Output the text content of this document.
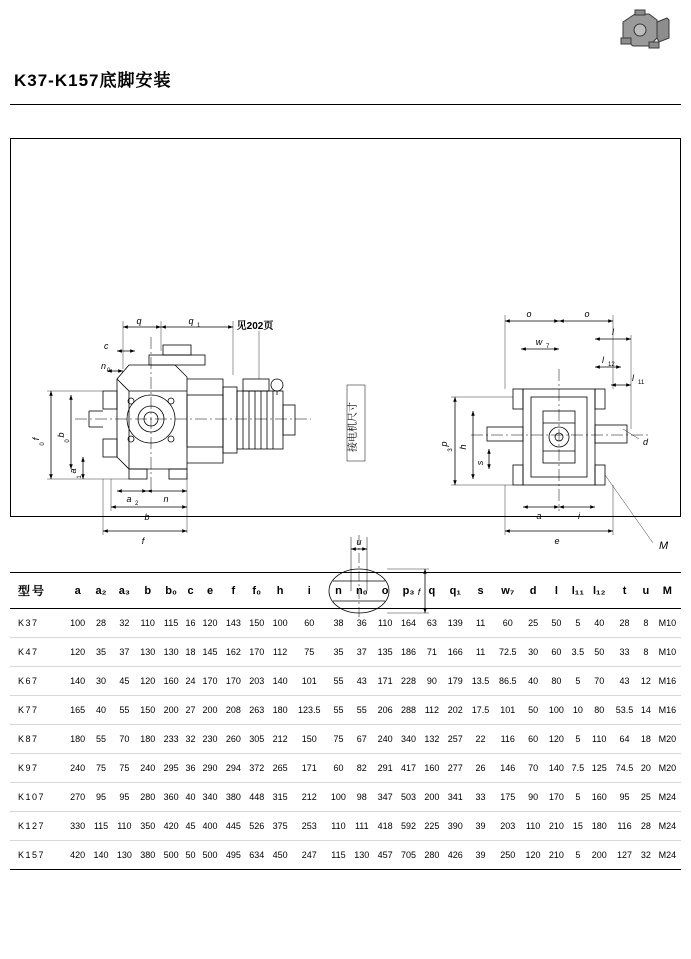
K37-K157底脚安装
q	q 1	见202页
c
n 0
f
0
b
0
a
1
a 2	n
b
f
接电机尺寸
u
f
o	o
w 7
l
l 12
l 11
p
3
h
s
d
a	i
e	M
型号	a	a₂	a₃	b	b₀	c	e	f	f₀	h	i	n	n₀	o	p₃	q	q₁	s	w₇	d	l	l₁₁	l₁₂	t	u	M
K37	100	28	32	110	115	16	120	143	150	100	60	38	36	110	164	63	139	11	60	25	50	5	40	28	8	M10
K47	120	35	37	130	130	18	145	162	170	112	75	35	37	135	186	71	166	11	72.5	30	60	3.5	50	33	8	M10
K67	140	30	45	120	160	24	170	170	203	140	101	55	43	171	228	90	179	13.5	86.5	40	80	5	70	43	12	M16
K77	165	40	55	150	200	27	200	208	263	180	123.5	55	55	206	288	112	202	17.5	101	50	100	10	80	53.5	14	M16
K87	180	55	70	180	233	32	230	260	305	212	150	75	67	240	340	132	257	22	116	60	120	5	110	64	18	M20
K97	240	75	75	240	295	36	290	294	372	265	171	60	82	291	417	160	277	26	146	70	140	7.5	125	74.5	20	M20
K107	270	95	95	280	360	40	340	380	448	315	212	100	98	347	503	200	341	33	175	90	170	5	160	95	25	M24
K127	330	115	110	350	420	45	400	445	526	375	253	110	111	418	592	225	390	39	203	110	210	15	180	116	28	M24
K157	420	140	130	380	500	50	500	495	634	450	247	115	130	457	705	280	426	39	250	120	210	5	200	127	32	M24
